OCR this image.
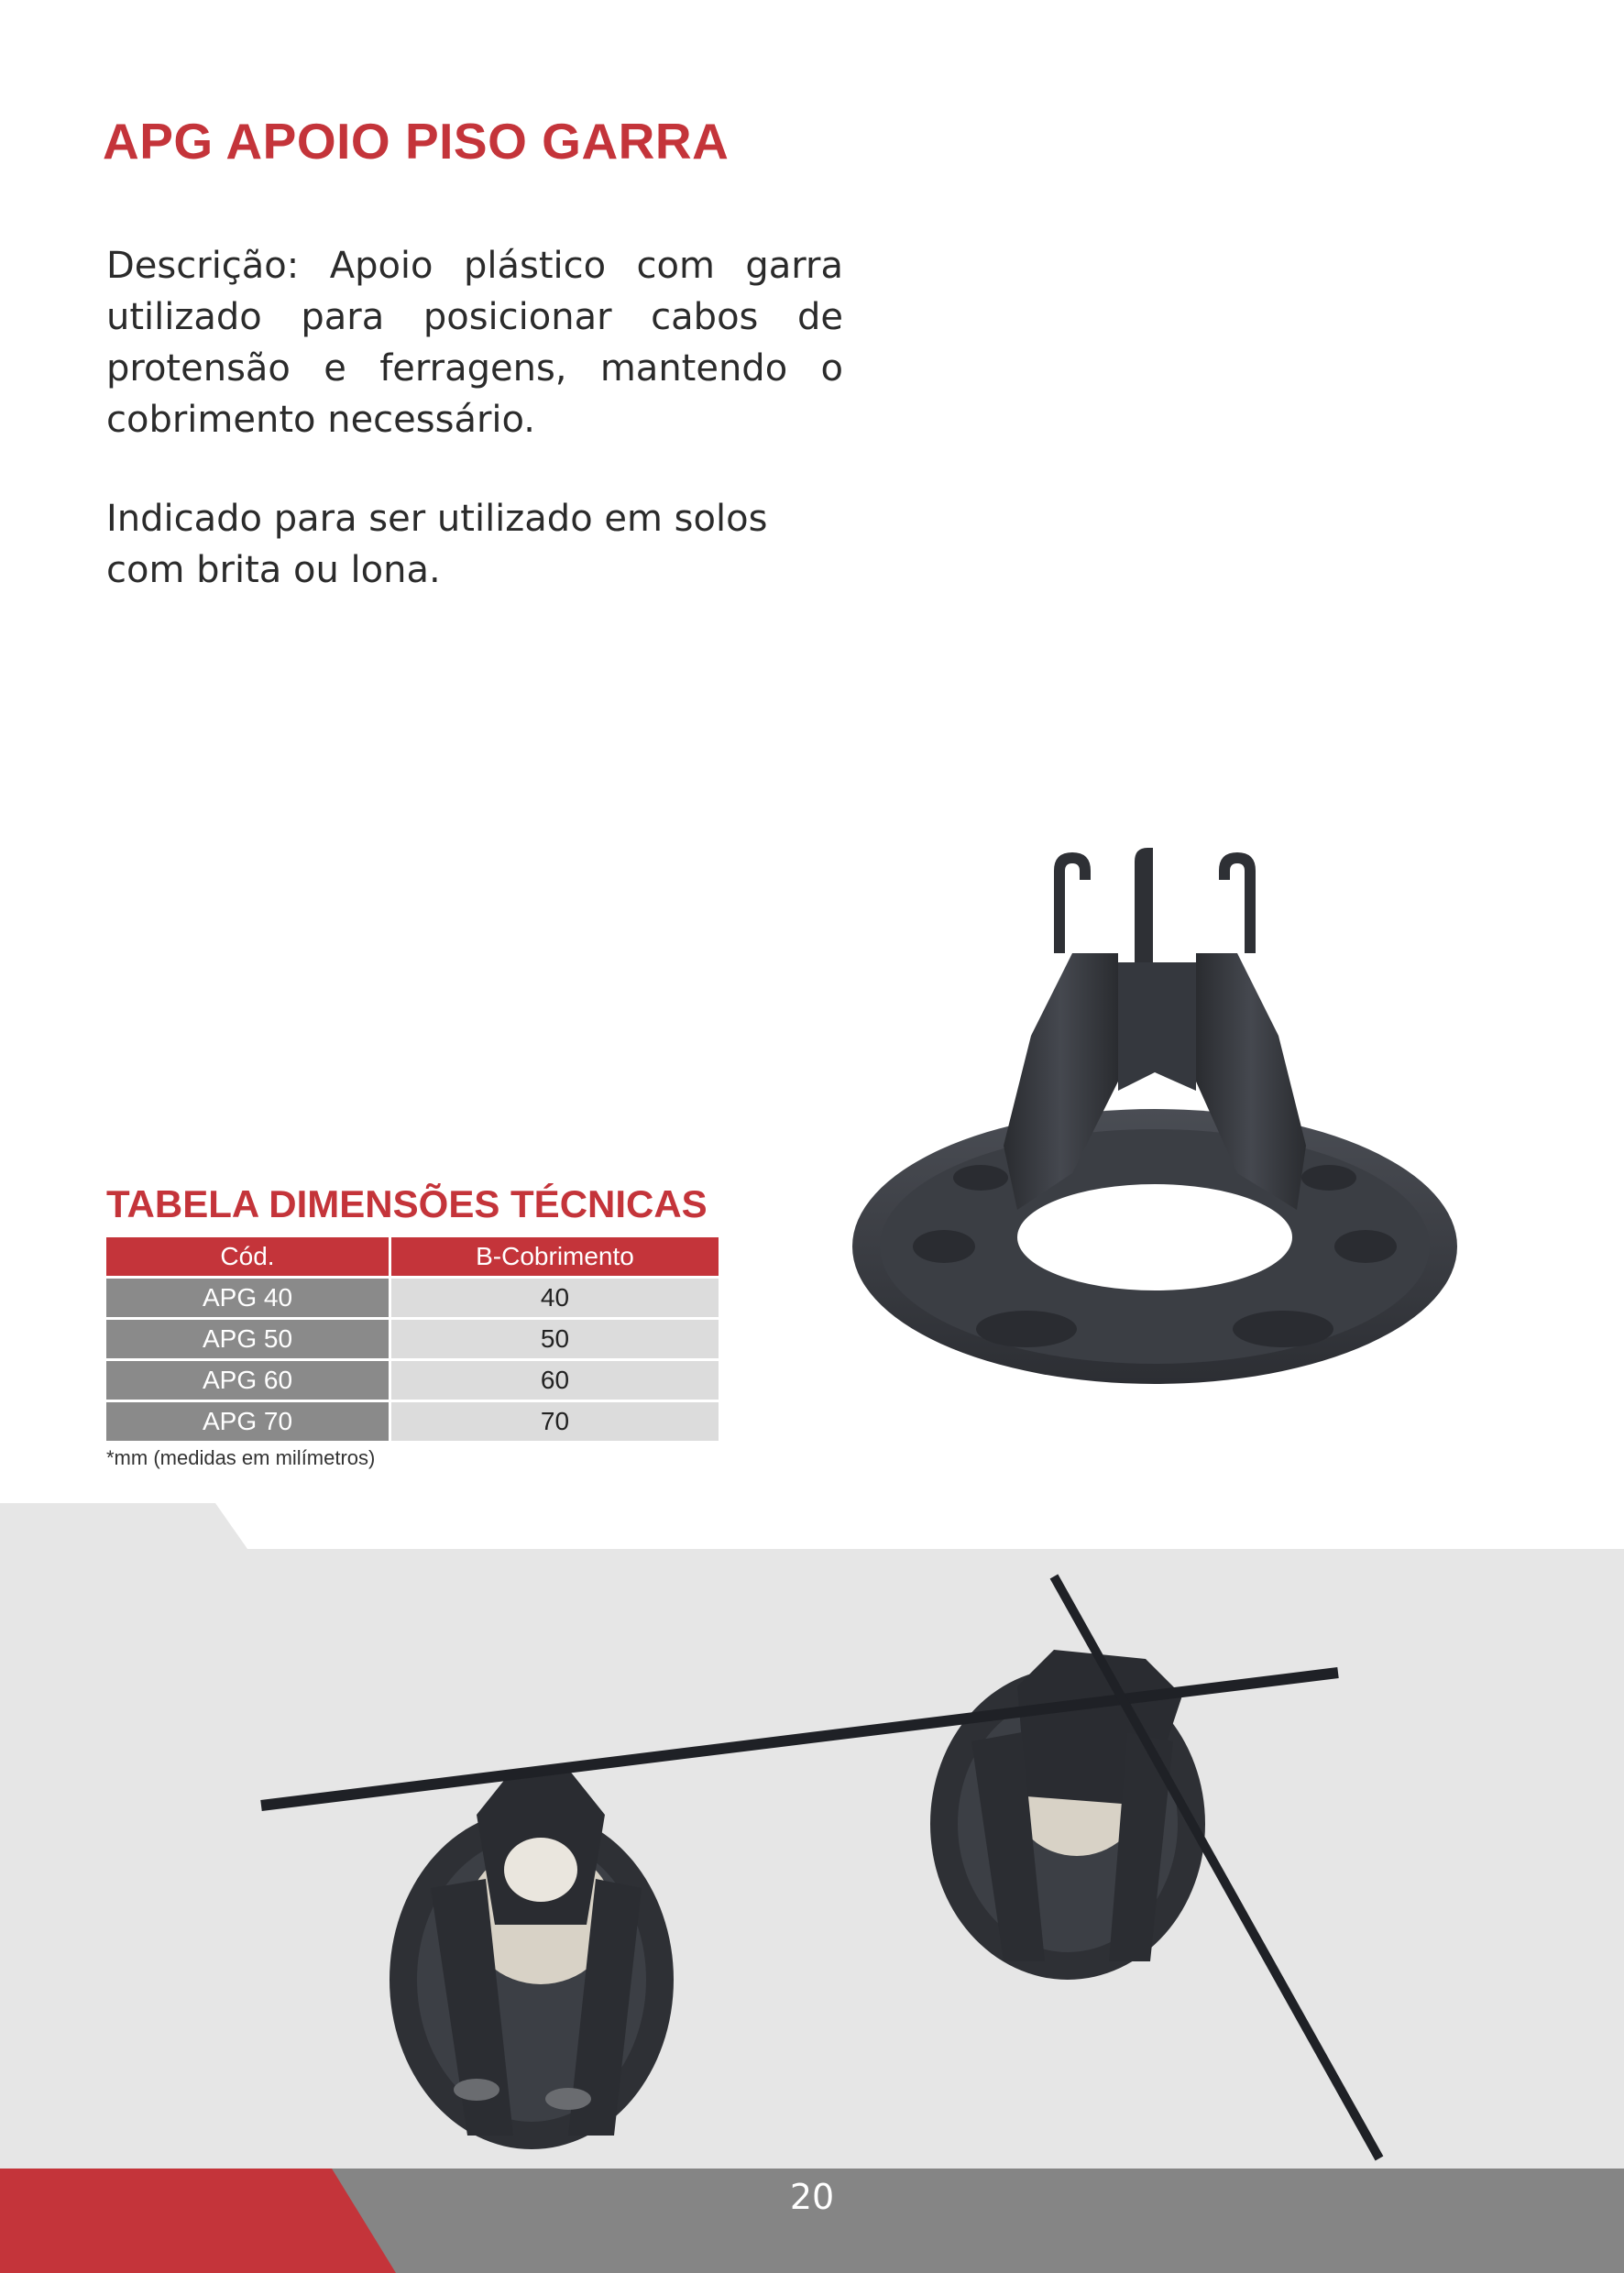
APG APOIO PISO GARRA

Descrição: Apoio plástico com garra utilizado para posicionar cabos de protensão e ferragens, mantendo o cobrimento necessário.

Indicado para ser utilizado em solos com brita ou lona.

TABELA DIMENSÕES TÉCNICAS
Cód.	B-Cobrimento
APG 40	40
APG 50	50
APG 60	60
APG 70	70

*mm (medidas em milímetros)

20
